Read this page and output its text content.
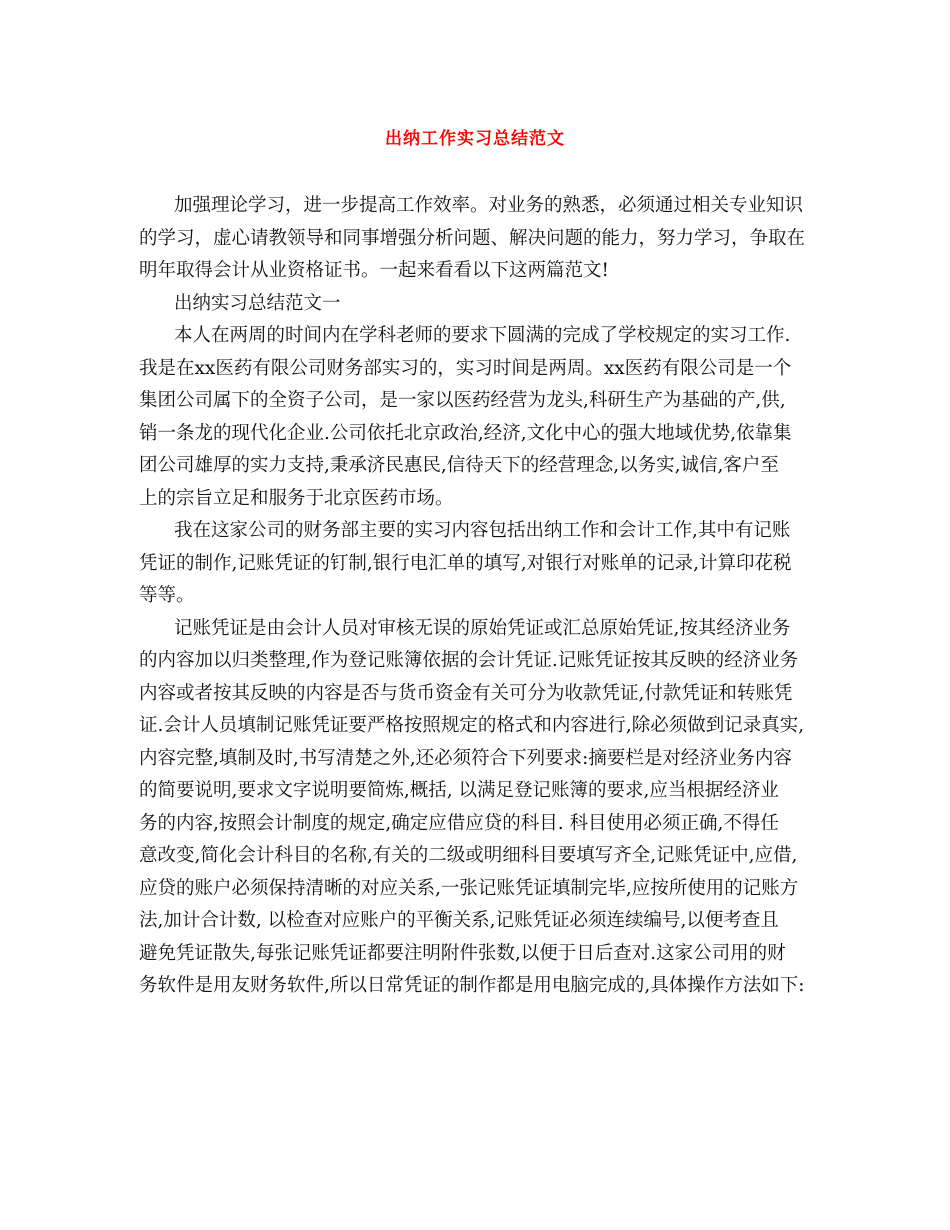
出纳工作实习总结范文
加强理论学习，进一步提高工作效率。对业务的熟悉，必须通过相关专业知识
的学习，虚心请教领导和同事增强分析问题、解决问题的能力，努力学习，争取在
明年取得会计从业资格证书。一起来看看以下这两篇范文!
出纳实习总结范文一
本人在两周的时间内在学科老师的要求下圆满的完成了学校规定的实习工作.
我是在xx医药有限公司财务部实习的，实习时间是两周。xx医药有限公司是一个
集团公司属下的全资子公司，是一家以医药经营为龙头,科研生产为基础的产,供,
销一条龙的现代化企业.公司依托北京政治,经济,文化中心的强大地域优势,依靠集
团公司雄厚的实力支持,秉承济民惠民,信待天下的经营理念,以务实,诚信,客户至
上的宗旨立足和服务于北京医药市场。
我在这家公司的财务部主要的实习内容包括出纳工作和会计工作,其中有记账
凭证的制作,记账凭证的钉制,银行电汇单的填写,对银行对账单的记录,计算印花税
等等。
记账凭证是由会计人员对审核无误的原始凭证或汇总原始凭证,按其经济业务
的内容加以归类整理,作为登记账簿依据的会计凭证.记账凭证按其反映的经济业务
内容或者按其反映的内容是否与货币资金有关可分为收款凭证,付款凭证和转账凭
证.会计人员填制记账凭证要严格按照规定的格式和内容进行,除必须做到记录真实,
内容完整,填制及时,书写清楚之外,还必须符合下列要求:摘要栏是对经济业务内容
的简要说明,要求文字说明要简炼,概括, 以满足登记账簿的要求,应当根据经济业
务的内容,按照会计制度的规定,确定应借应贷的科目. 科目使用必须正确,不得任
意改变,简化会计科目的名称,有关的二级或明细科目要填写齐全,记账凭证中,应借,
应贷的账户必须保持清晰的对应关系,一张记账凭证填制完毕,应按所使用的记账方
法,加计合计数, 以检查对应账户的平衡关系,记账凭证必须连续编号,以便考查且
避免凭证散失,每张记账凭证都要注明附件张数,以便于日后查对.这家公司用的财
务软件是用友财务软件,所以日常凭证的制作都是用电脑完成的,具体操作方法如下:
